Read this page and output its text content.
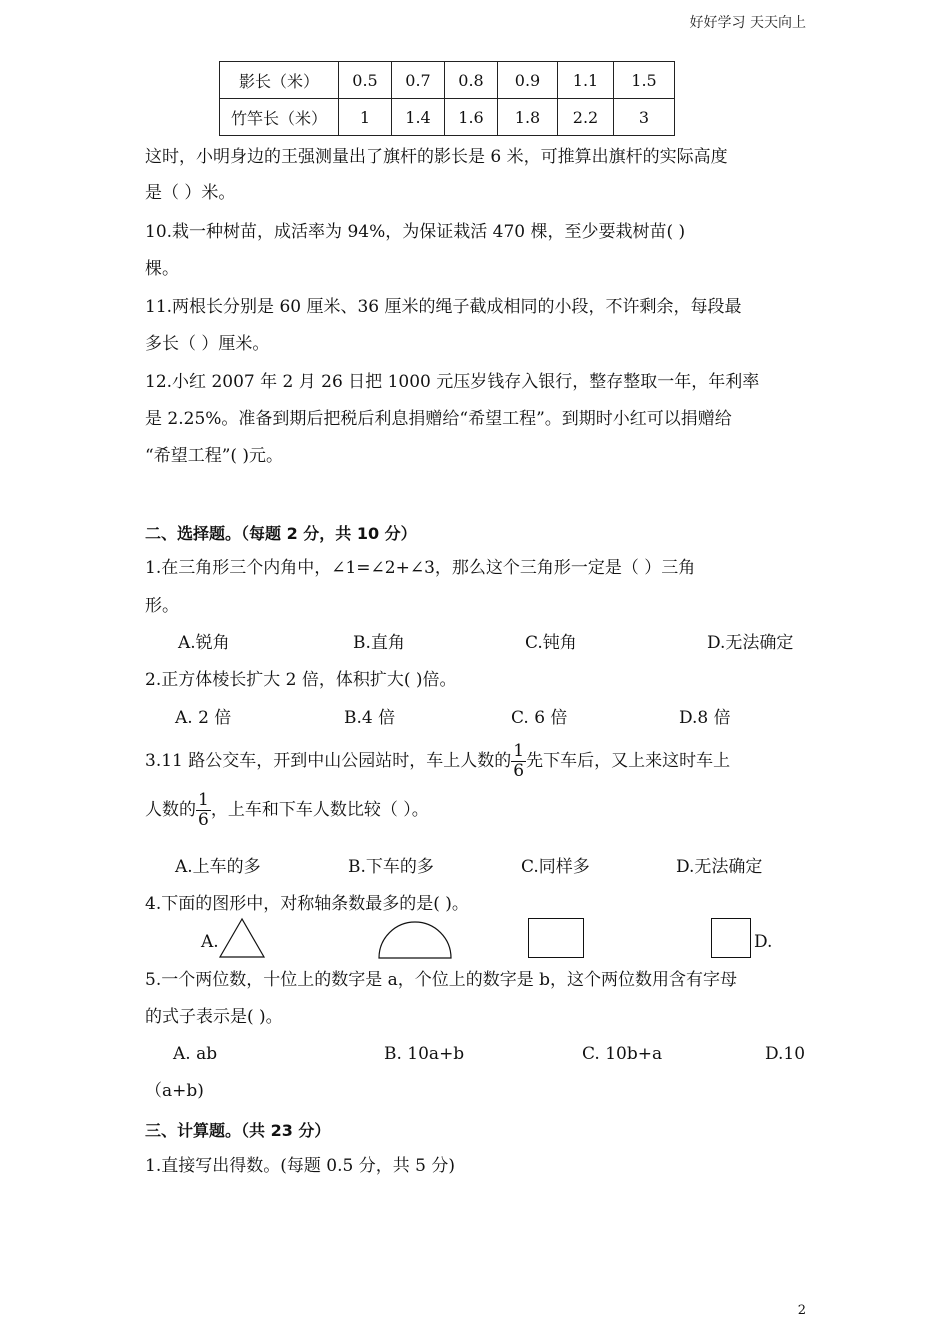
好好学习 天天向上
影长（米）	0.5	0.7	0.8	0.9	1.1	1.5
竹竿长（米）	1	1.4	1.6	1.8	2.2	3
这时，小明身边的王强测量出了旗杆的影长是 6 米，可推算出旗杆的实际高度
是（ ）米。
10.栽一种树苗，成活率为 94%，为保证栽活 470 棵，至少要栽树苗( )
棵。
11.两根长分别是 60 厘米、36 厘米的绳子截成相同的小段，不许剩余，每段最
多长（ ）厘米。
12.小红 2007 年 2 月 26 日把 1000 元压岁钱存入银行，整存整取一年，年利率
是 2.25%。准备到期后把税后利息捐赠给“希望工程”。到期时小红可以捐赠给
“希望工程”( )元。
二、选择题。（每题 2 分，共 10 分）
1.在三角形三个内角中，∠1=∠2+∠3，那么这个三角形一定是（ ）三角
形。
A.锐角	B.直角	C.钝角	D.无法确定
2.正方体棱长扩大 2 倍，体积扩大( )倍。
A. 2 倍	B.4 倍	C. 6 倍	D.8 倍
3.11 路公交车，开到中山公园站时，车上人数的 $\frac{1}{6}$ 先下车后，又上来这时车上
人数的 $\frac{1}{6}$ ，上车和下车人数比较（ ）。
A.上车的多	B.下车的多	C.同样多	D.无法确定
4.下面的图形中，对称轴条数最多的是( )。
A.	D.
5.一个两位数，十位上的数字是 a，个位上的数字是 b，这个两位数用含有字母
的式子表示是( )。
A. ab	B. 10a+b	C. 10b+a	D.10
（a+b)
三、计算题。（共 23 分）
1.直接写出得数。(每题 0.5 分，共 5 分)
2
